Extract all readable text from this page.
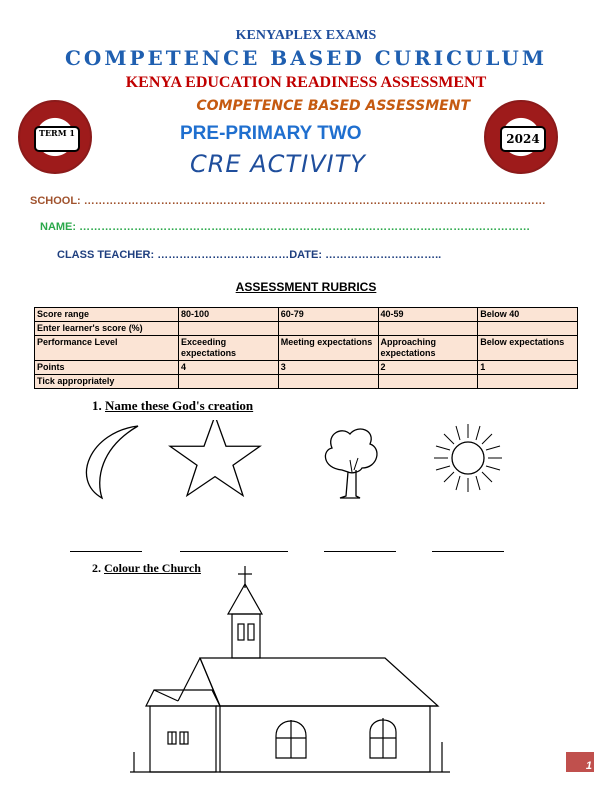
KENYAPLEX EXAMS
COMPETENCE BASED CURICULUM
KENYA EDUCATION READINESS ASSESSMENT
COMPETENCE BASED ASSESSMENT
PRE-PRIMARY TWO
CRE ACTIVITY
TERM 1	2024
SCHOOL: ………………………………………………………………………………………………………………
NAME: ……………………………………………………………………………………………………………
CLASS TEACHER: ………………………………DATE: …………………………..
ASSESSMENT RUBRICS
Score range	80-100	60-79	40-59	Below 40
Enter learner's score (%)				
Performance Level	Exceeding expectations	Meeting expectations	Approaching expectations	Below expectations
Points	4	3	2	1
Tick appropriately				
1. Name these God's creation
2. Colour the Church
1
